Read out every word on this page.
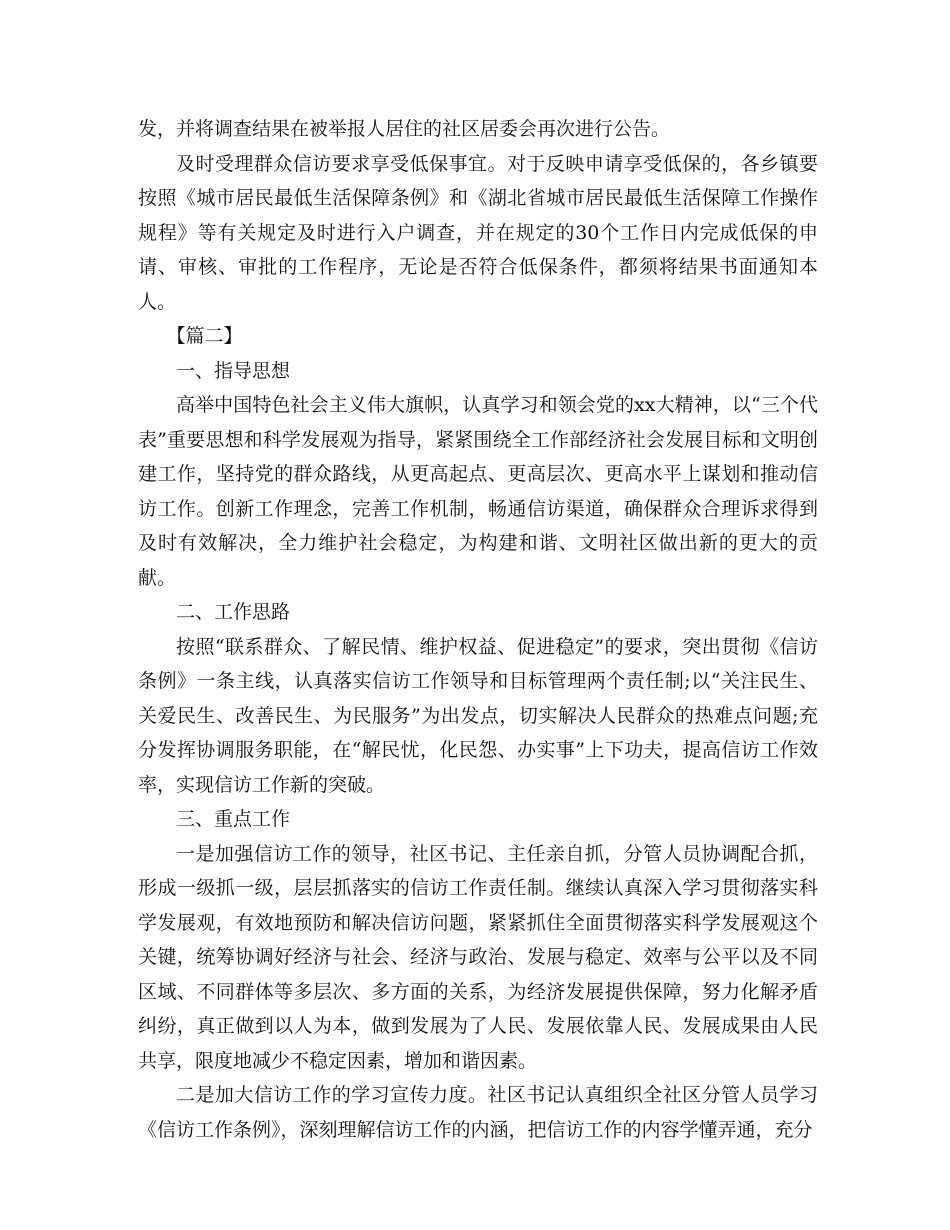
发，并将调查结果在被举报人居住的社区居委会再次进行公告。

及时受理群众信访要求享受低保事宜。对于反映申请享受低保的，各乡镇要按照《城市居民最低生活保障条例》和《湖北省城市居民最低生活保障工作操作规程》等有关规定及时进行入户调查，并在规定的30个工作日内完成低保的申请、审核、审批的工作程序，无论是否符合低保条件，都须将结果书面通知本人。

【篇二】

一、指导思想

高举中国特色社会主义伟大旗帜，认真学习和领会党的xx大精神，以“三个代表”重要思想和科学发展观为指导，紧紧围绕全工作部经济社会发展目标和文明创建工作，坚持党的群众路线，从更高起点、更高层次、更高水平上谋划和推动信访工作。创新工作理念，完善工作机制，畅通信访渠道，确保群众合理诉求得到及时有效解决，全力维护社会稳定，为构建和谐、文明社区做出新的更大的贡献。

二、工作思路

按照“联系群众、了解民情、维护权益、促进稳定”的要求，突出贯彻《信访条例》一条主线，认真落实信访工作领导和目标管理两个责任制;以“关注民生、关爱民生、改善民生、为民服务”为出发点，切实解决人民群众的热难点问题;充分发挥协调服务职能，在“解民忧，化民怨、办实事”上下功夫，提高信访工作效率，实现信访工作新的突破。

三、重点工作

一是加强信访工作的领导，社区书记、主任亲自抓，分管人员协调配合抓，形成一级抓一级，层层抓落实的信访工作责任制。继续认真深入学习贯彻落实科学发展观，有效地预防和解决信访问题，紧紧抓住全面贯彻落实科学发展观这个关键，统筹协调好经济与社会、经济与政治、发展与稳定、效率与公平以及不同区域、不同群体等多层次、多方面的关系，为经济发展提供保障，努力化解矛盾纠纷，真正做到以人为本，做到发展为了人民、发展依靠人民、发展成果由人民共享，限度地减少不稳定因素，增加和谐因素。

二是加大信访工作的学习宣传力度。社区书记认真组织全社区分管人员学习《信访工作条例》，深刻理解信访工作的内涵，把信访工作的内容学懂弄通，充分
